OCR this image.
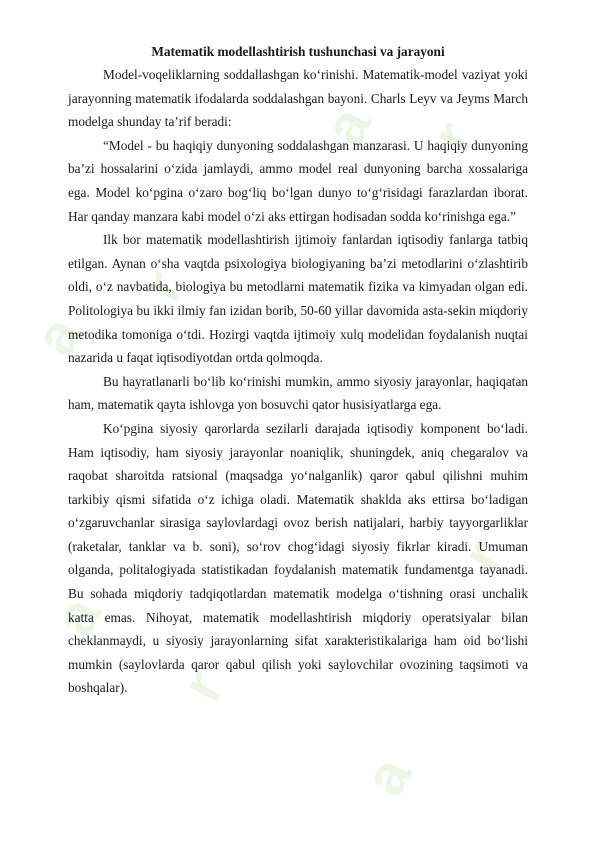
a
r
a r
a
r
a
r
Matematik modellashtirish tushunchasi va jarayoni

Model-voqeliklarning soddallashgan ko‘rinishi. Matematik-model vaziyat yoki jarayonning matematik ifodalarda soddalashgan bayoni. Charls Leyv va Jeyms March modelga shunday ta’rif beradi:

“Model - bu haqiqiy dunyoning soddalashgan manzarasi. U haqiqiy dunyoning ba’zi hossalarini o‘zida jamlaydi, ammo model real dunyoning barcha xossalariga ega. Model ko‘pgina o‘zaro bog‘liq bo‘lgan dunyo to‘g‘risidagi farazlardan iborat. Har qanday manzara kabi model o‘zi aks ettirgan hodisadan sodda ko‘rinishga ega.”

Ilk bor matematik modellashtirish ijtimoiy fanlardan iqtisodiy fanlarga tatbiq etilgan. Aynan o‘sha vaqtda psixologiya biologiyaning ba’zi metodlarini o‘zlashtirib oldi, o‘z navbatida, biologiya bu metodlarni matematik fizika va kimyadan olgan edi. Politologiya bu ikki ilmiy fan izidan borib, 50-60 yillar davomida asta-sekin miqdoriy metodika tomoniga o‘tdi. Hozirgi vaqtda ijtimoiy xulq modelidan foydalanish nuqtai nazarida u faqat iqtisodiyotdan ortda qolmoqda.

Bu hayratlanarli bo‘lib ko‘rinishi mumkin, ammo siyosiy jarayonlar, haqiqatan ham, matematik qayta ishlovga yon bosuvchi qator husisiyatlarga ega.

Ko‘pgina siyosiy qarorlarda sezilarli darajada iqtisodiy komponent bo‘ladi. Ham iqtisodiy, ham siyosiy jarayonlar noaniqlik, shuningdek, aniq chegaralov va raqobat sharoitda ratsional (maqsadga yo‘nalganlik) qaror qabul qilishni muhim tarkibiy qismi sifatida o‘z ichiga oladi. Matematik shaklda aks ettirsa bo‘ladigan o‘zgaruvchanlar sirasiga saylovlardagi ovoz berish natijalari, harbiy tayyorgarliklar (raketalar, tanklar va b. soni), so‘rov chog‘idagi siyosiy fikrlar kiradi. Umuman olganda, politalogiyada statistikadan foydalanish matematik fundamentga tayanadi. Bu sohada miqdoriy tadqiqotlardan matematik modelga o‘tishning orasi unchalik katta emas. Nihoyat, matematik modellashtirish miqdoriy operatsiyalar bilan cheklanmaydi, u siyosiy jarayonlarning sifat xarakteristikalariga ham oid bo‘lishi mumkin (saylovlarda qaror qabul qilish yoki saylovchilar ovozining taqsimoti va boshqalar).
